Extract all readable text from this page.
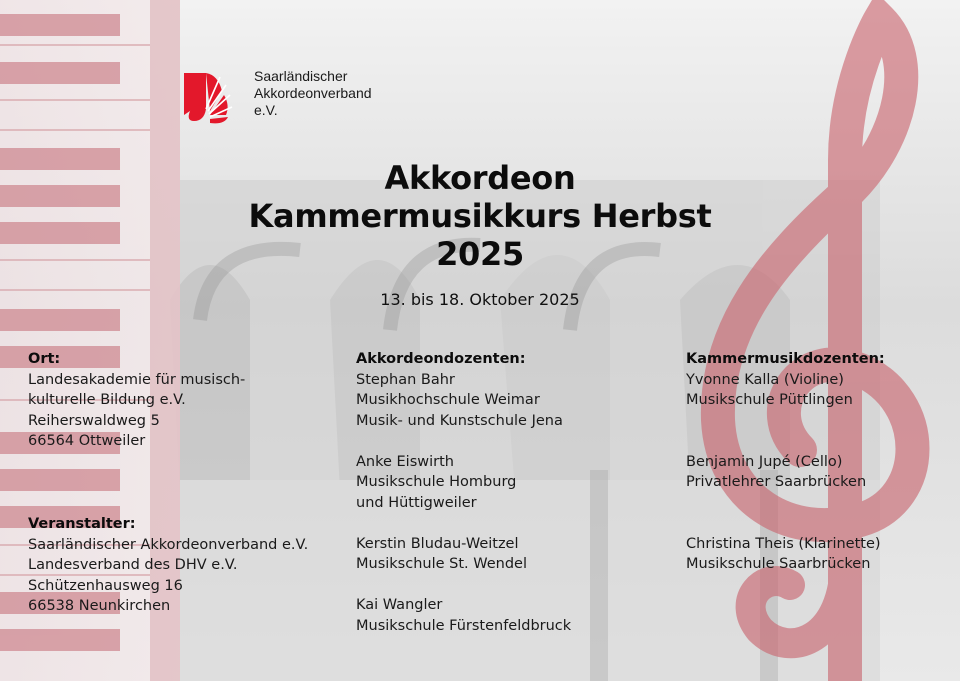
Saarländischer
Akkordeonverband
e.V.
Akkordeon
Kammermusikkurs Herbst
2025
13. bis 18. Oktober 2025
Ort:
Landesakademie für musisch-
kulturelle Bildung e.V.
Reiherswaldweg 5
66564 Ottweiler
Veranstalter:
Saarländischer Akkordeonverband e.V.
Landesverband des DHV e.V.
Schützenhausweg 16
66538 Neunkirchen
Akkordeondozenten:
Stephan Bahr
Musikhochschule Weimar
Musik- und Kunstschule Jena
Anke Eiswirth
Musikschule Homburg
und Hüttigweiler
Kerstin Bludau-Weitzel
Musikschule St. Wendel
Kai Wangler
Musikschule Fürstenfeldbruck
Kammermusikdozenten:
Yvonne Kalla (Violine)
Musikschule Püttlingen
Benjamin Jupé (Cello)
Privatlehrer Saarbrücken
Christina Theis (Klarinette)
Musikschule Saarbrücken
